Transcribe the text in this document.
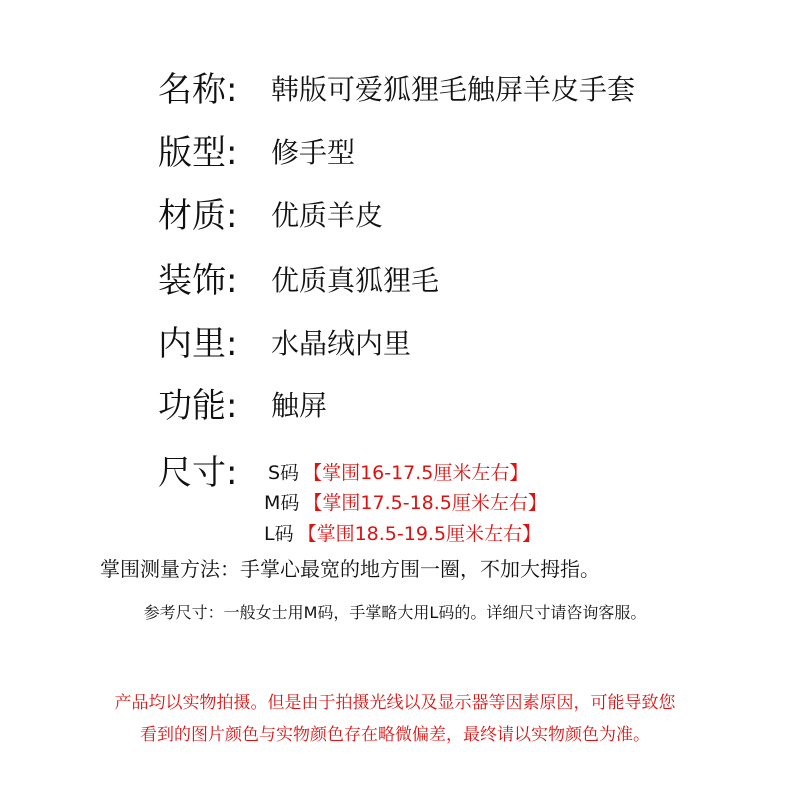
名称: 韩版可爱狐狸毛触屏羊皮手套
版型: 修手型
材质: 优质羊皮
装饰: 优质真狐狸毛
内里: 水晶绒内里
功能: 触屏
尺寸: S码 【掌围16-17.5厘米左右】
M码 【掌围17.5-18.5厘米左右】
L码 【掌围18.5-19.5厘米左右】
掌围测量方法：手掌心最宽的地方围一圈，不加大拇指。
参考尺寸：一般女士用M码，手掌略大用L码的。详细尺寸请咨询客服。
产品均以实物拍摄。但是由于拍摄光线以及显示器等因素原因，可能导致您
看到的图片颜色与实物颜色存在略微偏差，最终请以实物颜色为准。
